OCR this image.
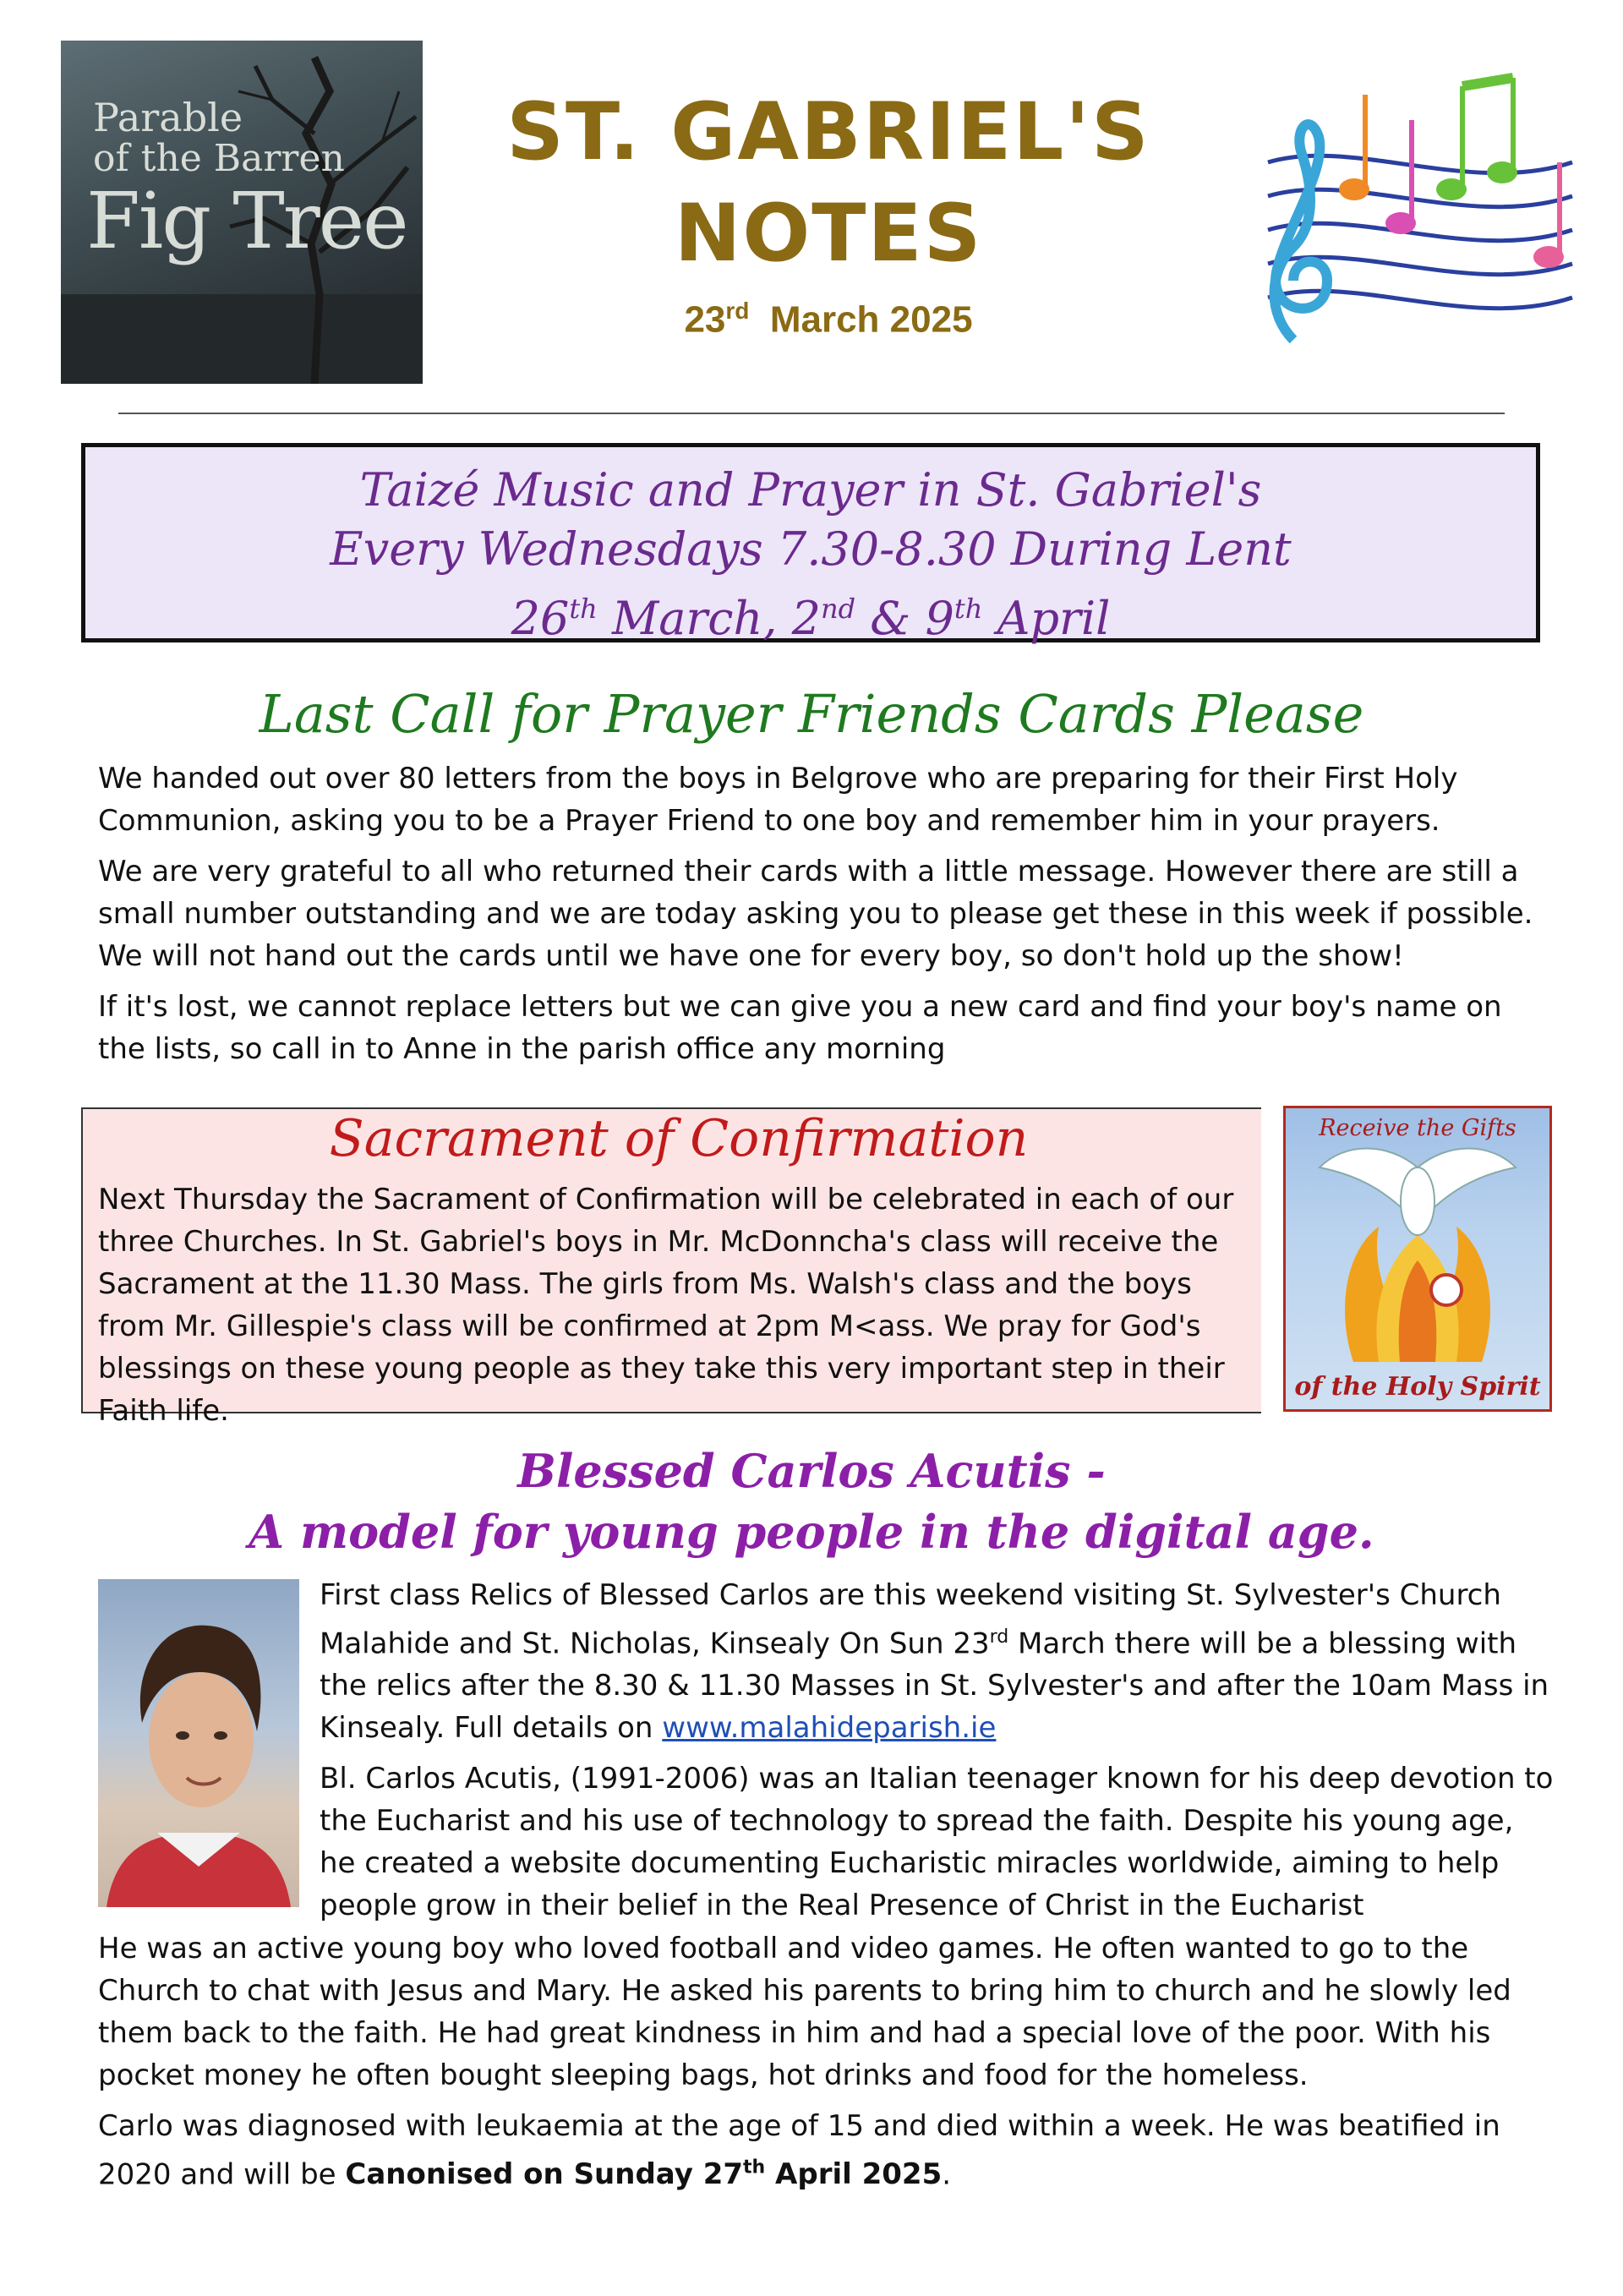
Parable
of the Barren
Fig Tree
ST. GABRIEL'S
NOTES
23rd March 2025
Taizé Music and Prayer in St. Gabriel's
Every Wednesdays 7.30-8.30 During Lent
26th March, 2nd & 9th April
Last Call for Prayer Friends Cards Please

We handed out over 80 letters from the boys in Belgrove who are preparing for their First Holy Communion, asking you to be a Prayer Friend to one boy and remember him in your prayers.

We are very grateful to all who returned their cards with a little message. However there are still a small number outstanding and we are today asking you to please get these in this week if possible. We will not hand out the cards until we have one for every boy, so don't hold up the show!

If it's lost, we cannot replace letters but we can give you a new card and find your boy's name on the lists, so call in to Anne in the parish office any morning

Sacrament of Confirmation
Next Thursday the Sacrament of Confirmation will be celebrated in each of our three Churches. In St. Gabriel's boys in Mr. McDonncha's class will receive the Sacrament at the 11.30 Mass. The girls from Ms. Walsh's class and the boys from Mr. Gillespie's class will be confirmed at 2pm M<ass. We pray for God's blessings on these young people as they take this very important step in their Faith life.
Receive the Gifts
of the Holy Spirit
Blessed Carlos Acutis -
A model for young people in the digital age.

First class Relics of Blessed Carlos are this weekend visiting St. Sylvester's Church Malahide and St. Nicholas, Kinsealy On Sun 23rd March there will be a blessing with the relics after the 8.30 & 11.30 Masses in St. Sylvester's and after the 10am Mass in Kinsealy. Full details on www.malahideparish.ie

Bl. Carlos Acutis, (1991-2006) was an Italian teenager known for his deep devotion to the Eucharist and his use of technology to spread the faith. Despite his young age, he created a website documenting Eucharistic miracles worldwide, aiming to help people grow in their belief in the Real Presence of Christ in the Eucharist

He was an active young boy who loved football and video games. He often wanted to go to the Church to chat with Jesus and Mary. He asked his parents to bring him to church and he slowly led them back to the faith. He had great kindness in him and had a special love of the poor. With his pocket money he often bought sleeping bags, hot drinks and food for the homeless.

Carlo was diagnosed with leukaemia at the age of 15 and died within a week. He was beatified in 2020 and will be Canonised on Sunday 27th April 2025.
